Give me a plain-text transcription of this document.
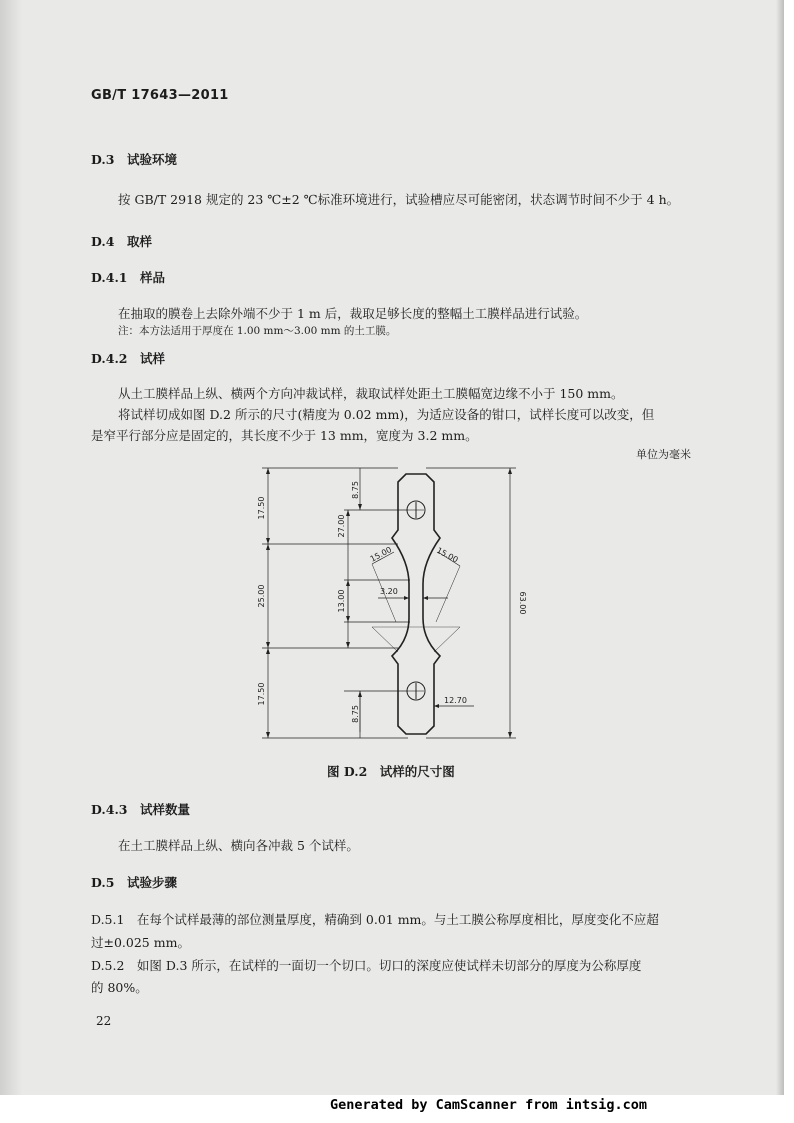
GB/T 17643—2011
D.3　试验环境
按 GB/T 2918 规定的 23 ℃±2 ℃标准环境进行，试验槽应尽可能密闭，状态调节时间不少于 4 h。
D.4　取样
D.4.1　样品
在抽取的膜卷上去除外端不少于 1 m 后，裁取足够长度的整幅土工膜样品进行试验。
注：本方法适用于厚度在 1.00 mm～3.00 mm 的土工膜。
D.4.2　试样
从土工膜样品上纵、横两个方向冲裁试样，裁取试样处距土工膜幅宽边缘不小于 150 mm。
将试样切成如图 D.2 所示的尺寸(精度为 0.02 mm)，为适应设备的钳口，试样长度可以改变，但
是窄平行部分应是固定的，其长度不少于 13 mm，宽度为 3.2 mm。
单位为毫米
17.50
25.00
17.50
8.75
27.00
13.00
8.75
63.00
3.20
15.00	15.00
12.70
图 D.2　试样的尺寸图
D.4.3　试样数量
在土工膜样品上纵、横向各冲裁 5 个试样。
D.5　试验步骤
D.5.1　在每个试样最薄的部位测量厚度，精确到 0.01 mm。与土工膜公称厚度相比，厚度变化不应超
过±0.025 mm。
D.5.2　如图 D.3 所示，在试样的一面切一个切口。切口的深度应使试样未切部分的厚度为公称厚度
的 80%。
22
Generated by CamScanner from intsig.com
